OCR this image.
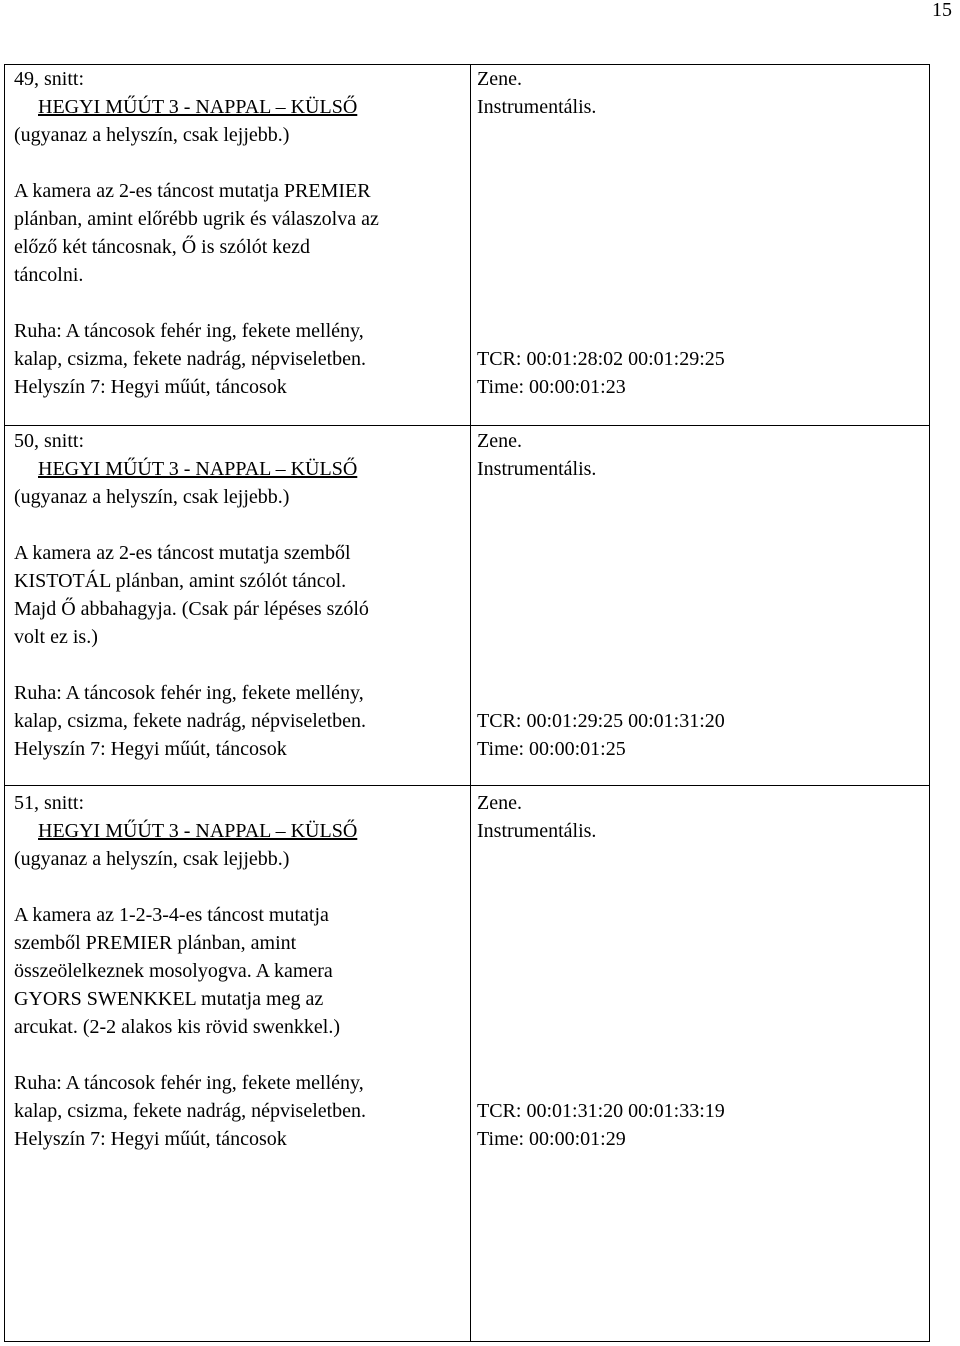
15
49, snitt:
HEGYI MŰÚT 3 - NAPPAL – KÜLSŐ
(ugyanaz a helyszín, csak lejjebb.)
A kamera az 2-es táncost mutatja PREMIER
plánban, amint előrébb ugrik és válaszolva az
előző két táncosnak, Ő is szólót kezd
táncolni.
Ruha: A táncosok fehér ing, fekete mellény,
kalap, csizma, fekete nadrág, népviseletben.
Helyszín 7: Hegyi műút, táncosok
Zene.
Instrumentális.
TCR: 00:01:28:02 00:01:29:25
Time: 00:00:01:23
50, snitt:
HEGYI MŰÚT 3 - NAPPAL – KÜLSŐ
(ugyanaz a helyszín, csak lejjebb.)
A kamera az 2-es táncost mutatja szemből
KISTOTÁL plánban, amint szólót táncol.
Majd Ő abbahagyja. (Csak pár lépéses szóló
volt ez is.)
Ruha: A táncosok fehér ing, fekete mellény,
kalap, csizma, fekete nadrág, népviseletben.
Helyszín 7: Hegyi műút, táncosok
Zene.
Instrumentális.
TCR: 00:01:29:25 00:01:31:20
Time: 00:00:01:25
51, snitt:
HEGYI MŰÚT 3 - NAPPAL – KÜLSŐ
(ugyanaz a helyszín, csak lejjebb.)
A kamera az 1-2-3-4-es táncost mutatja
szemből PREMIER plánban, amint
összeölelkeznek mosolyogva. A kamera
GYORS SWENKKEL mutatja meg az
arcukat. (2-2 alakos kis rövid swenkkel.)
Ruha: A táncosok fehér ing, fekete mellény,
kalap, csizma, fekete nadrág, népviseletben.
Helyszín 7: Hegyi műút, táncosok
Zene.
Instrumentális.
TCR: 00:01:31:20 00:01:33:19
Time: 00:00:01:29
